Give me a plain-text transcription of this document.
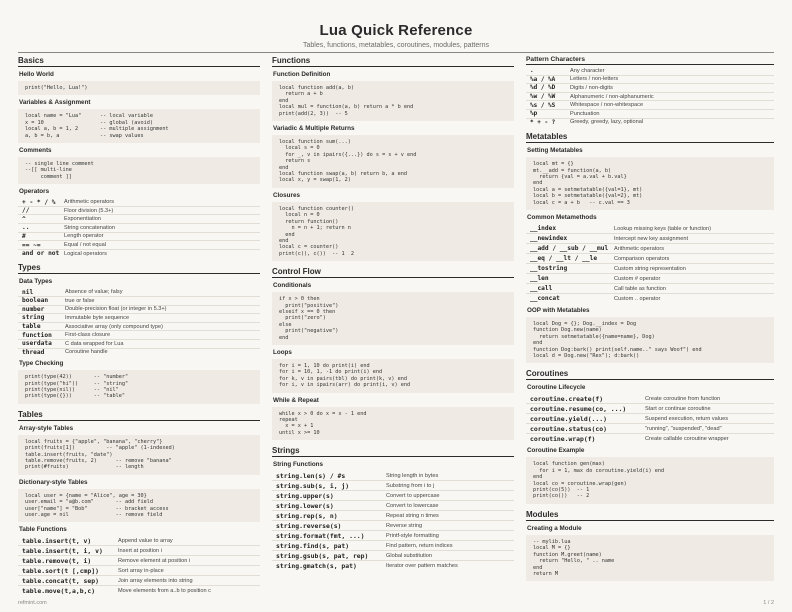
Lua Quick Reference
Tables, functions, metatables, coroutines, modules, patterns
Basics
Hello World
print("Hello, Lua!")
Variables & Assignment
local name = "Lua"      -- local variable
x = 10                  -- global (avoid)
local a, b = 1, 2       -- multiple assignment
a, b = b, a             -- swap values
Comments
-- single line comment
--[[ multi-line
comment ]]
Operators
+ - * / %	Arithmetic operators
//	Floor division (5.3+)
^	Exponentiation
..	String concatenation
#	Length operator
== ~=	Equal / not equal
and or not Logical operators
Types
Data Types
nil	Absence of value; falsy
boolean	true or false
number	Double-precision float (or integer in 5.3+)
string	Immutable byte sequence
table	Associative array (only compound type)
function	First-class closure
userdata	C data wrapped for Lua
thread	Coroutine handle
Type Checking
print(type(42))       -- "number"
print(type("hi"))     -- "string"
print(type(nil))      -- "nil"
print(type({}))       -- "table"
Tables
Array-style Tables
local fruits = {"apple", "banana", "cherry"}
print(fruits[1])          -- "apple" (1-indexed)
table.insert(fruits, "date")
table.remove(fruits, 2)      -- remove "banana"
print(#fruits)               -- length
Dictionary-style Tables
local user = {name = "Alice", age = 30}
user.email = "a@b.com"       -- add field
user["name"] = "Bob"         -- bracket access
user.age = nil               -- remove field
Table Functions
table.insert(t, v)	Append value to array
table.insert(t, i, v)	Insert at position i
table.remove(t, i)	Remove element at position i
table.sort(t [,cmp])	Sort array in-place
table.concat(t, sep)	Join array elements into string
table.move(t,a,b,c)	Move elements from a..b to position c
Functions
Function Definition
local function add(a, b)
return a + b
end
local mul = function(a, b) return a * b end
print(add(2, 3))  -- 5
Variadic & Multiple Returns
local function sum(...)
local s = 0
for _, v in ipairs({...}) do s = s + v end
return s
end
local function swap(a, b) return b, a end
local x, y = swap(1, 2)
Closures
local function counter()
local n = 0
return function()
n = n + 1; return n
end
end
local c = counter()
print(c(), c())  -- 1  2
Control Flow
Conditionals
if x > 0 then
print("positive")
elseif x == 0 then
print("zero")
else
print("negative")
end
Loops
for i = 1, 10 do print(i) end
for i = 10, 1, -1 do print(i) end
for k, v in pairs(tbl) do print(k, v) end
for i, v in ipairs(arr) do print(i, v) end
While & Repeat
while x > 0 do x = x - 1 end
repeat
x = x + 1
until x >= 10
Strings
String Functions
string.len(s) / #s	String length in bytes
string.sub(s, i, j)	Substring from i to j
string.upper(s)	Convert to uppercase
string.lower(s)	Convert to lowercase
string.rep(s, n)	Repeat string n times
string.reverse(s)	Reverse string
string.format(fmt, ...)	Printf-style formatting
string.find(s, pat)	Find pattern, return indices
string.gsub(s, pat, rep)	Global substitution
string.gmatch(s, pat)	Iterator over pattern matches
Pattern Characters
.	Any character
%a / %A	Letters / non-letters
%d / %D	Digits / non-digits
%w / %W	Alphanumeric / non-alphanumeric
%s / %S	Whitespace / non-whitespace
%p	Punctuation
* + - ?	Greedy, greedy, lazy, optional
Metatables
Setting Metatables
local mt = {}
mt.__add = function(a, b)
return {val = a.val + b.val}
end
local a = setmetatable({val=1}, mt)
local b = setmetatable({val=2}, mt)
local c = a + b   -- c.val == 3
Common Metamethods
__index	Lookup missing keys (table or function)
__newindex	Intercept new key assignment
__add / __sub / __mul	Arithmetic operators
__eq / __lt / __le	Comparison operators
__tostring	Custom string representation
__len	Custom # operator
__call	Call table as function
__concat	Custom .. operator
OOP with Metatables
local Dog = {}; Dog.__index = Dog
function Dog.new(name)
return setmetatable({name=name}, Dog)
end
function Dog:bark() print(self.name.." says Woof") end
local d = Dog.new("Rex"); d:bark()
Coroutines
Coroutine Lifecycle
coroutine.create(f)	Create coroutine from function
coroutine.resume(co, ...)	Start or continue coroutine
coroutine.yield(...)	Suspend execution, return values
coroutine.status(co)	"running", "suspended", "dead"
coroutine.wrap(f)	Create callable coroutine wrapper
Coroutine Example
local function gen(max)
for i = 1, max do coroutine.yield(i) end
end
local co = coroutine.wrap(gen)
print(co(5))  -- 1
print(co())   -- 2
Modules
Creating a Module
-- mylib.lua
local M = {}
function M.greet(name)
return "Hello, " .. name
end
return M
refmint.com	1 / 2
